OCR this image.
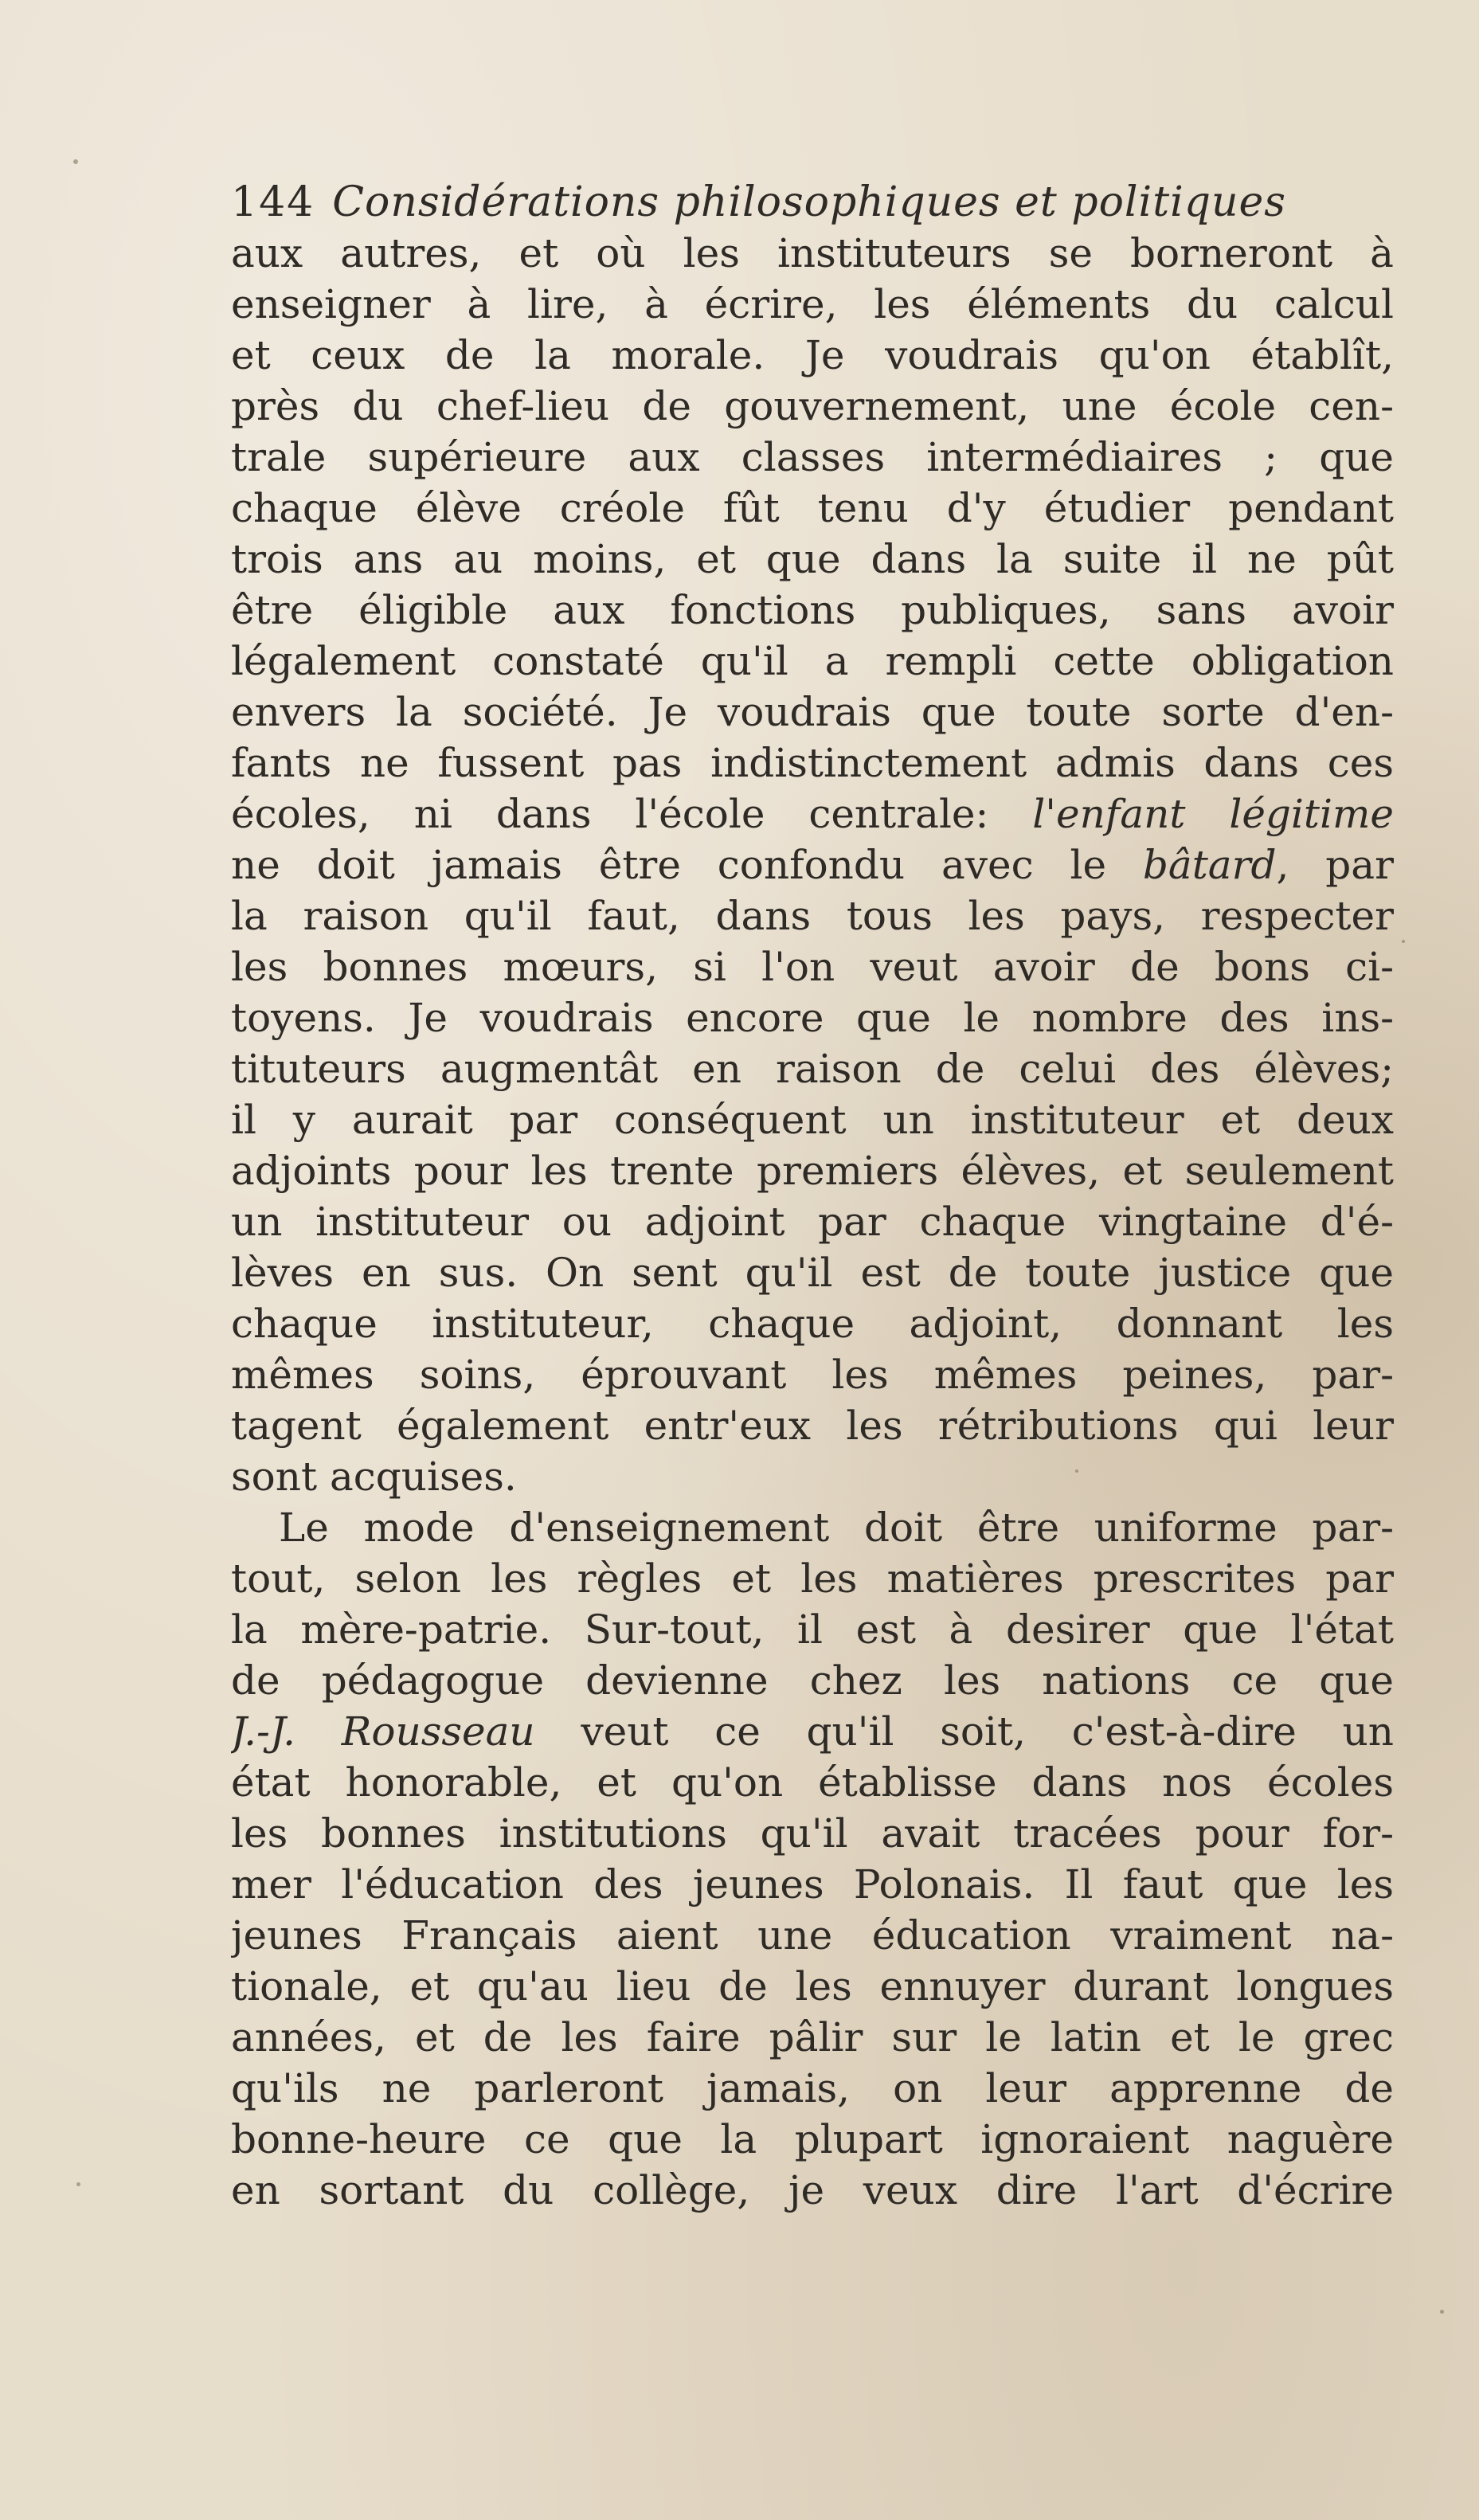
144 Considérations philosophiques et politiques
aux autres, et où les instituteurs se borneront à
enseigner à lire, à écrire, les éléments du calcul
et ceux de la morale. Je voudrais qu'on établît,
près du chef-lieu de gouvernement, une école cen-
trale supérieure aux classes intermédiaires ; que
chaque élève créole fût tenu d'y étudier pendant
trois ans au moins, et que dans la suite il ne pût
être éligible aux fonctions publiques, sans avoir
légalement constaté qu'il a rempli cette obligation
envers la société. Je voudrais que toute sorte d'en-
fants ne fussent pas indistinctement admis dans ces
écoles, ni dans l'école centrale: l'enfant légitime
ne doit jamais être confondu avec le bâtard, par
la raison qu'il faut, dans tous les pays, respecter
les bonnes mœurs, si l'on veut avoir de bons ci-
toyens. Je voudrais encore que le nombre des ins-
tituteurs augmentât en raison de celui des élèves;
il y aurait par conséquent un instituteur et deux
adjoints pour les trente premiers élèves, et seulement
un instituteur ou adjoint par chaque vingtaine d'é-
lèves en sus. On sent qu'il est de toute justice que
chaque instituteur, chaque adjoint, donnant les
mêmes soins, éprouvant les mêmes peines, par-
tagent également entr'eux les rétributions qui leur
sont acquises.
Le mode d'enseignement doit être uniforme par-
tout, selon les règles et les matières prescrites par
la mère-patrie. Sur-tout, il est à desirer que l'état
de pédagogue devienne chez les nations ce que
J.-J. Rousseau veut ce qu'il soit, c'est-à-dire un
état honorable, et qu'on établisse dans nos écoles
les bonnes institutions qu'il avait tracées pour for-
mer l'éducation des jeunes Polonais. Il faut que les
jeunes Français aient une éducation vraiment na-
tionale, et qu'au lieu de les ennuyer durant longues
années, et de les faire pâlir sur le latin et le grec
qu'ils ne parleront jamais, on leur apprenne de
bonne-heure ce que la plupart ignoraient naguère
en sortant du collège, je veux dire l'art d'écrire
